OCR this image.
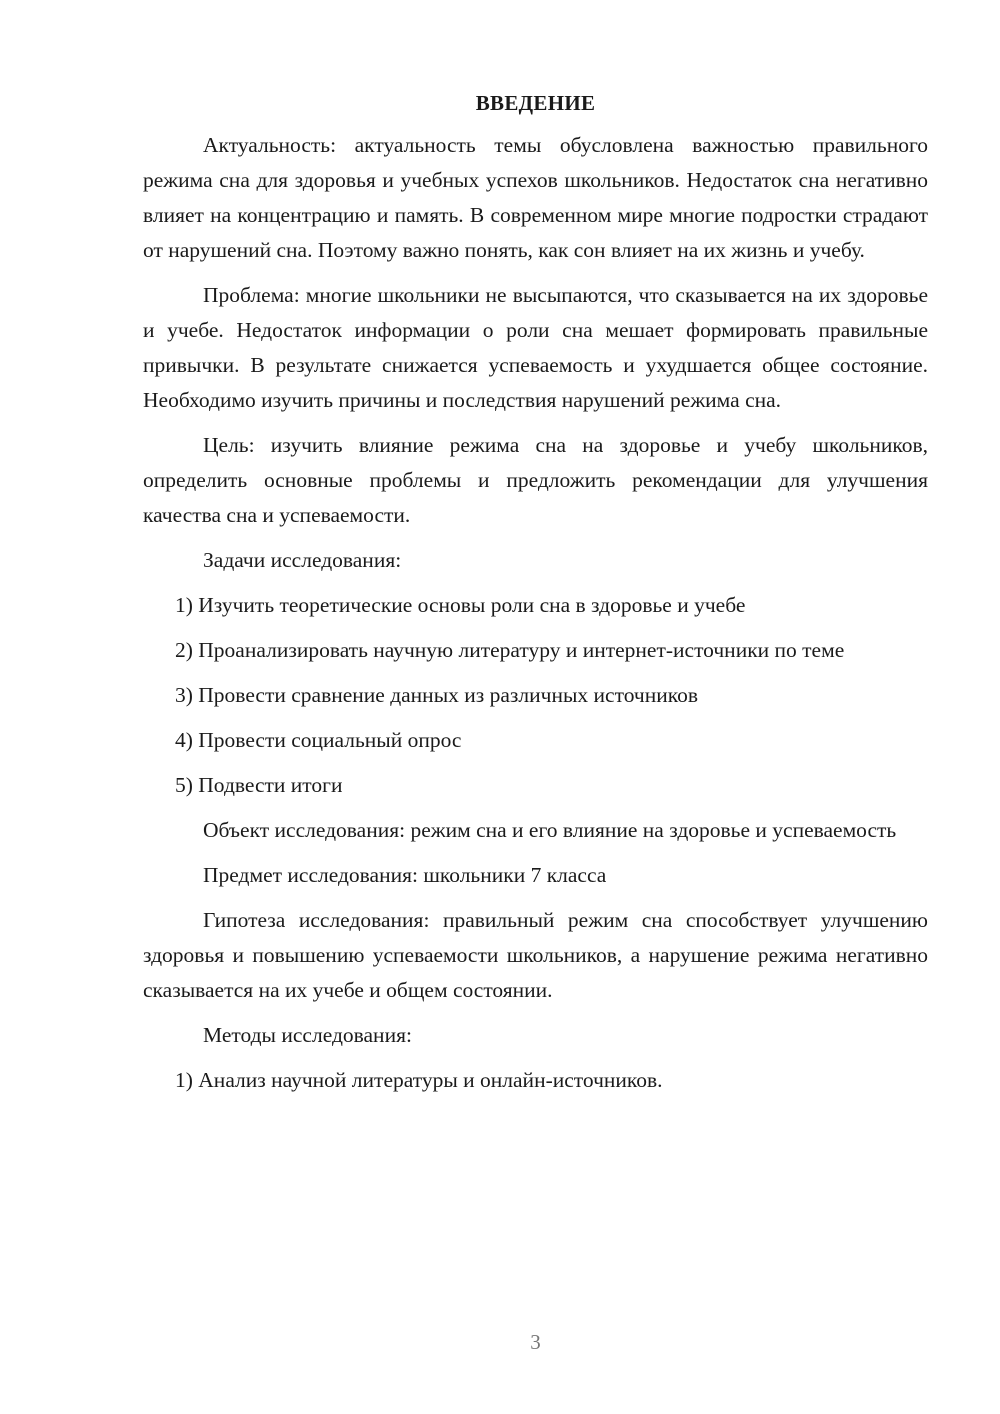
ВВЕДЕНИЕ

Актуальность: актуальность темы обусловлена важностью правильного режима сна для здоровья и учебных успехов школьников. Недостаток сна негативно влияет на концентрацию и память. В современном мире многие подростки страдают от нарушений сна. Поэтому важно понять, как сон влияет на их жизнь и учебу.

Проблема: многие школьники не высыпаются, что сказывается на их здоровье и учебе. Недостаток информации о роли сна мешает формировать правильные привычки. В результате снижается успеваемость и ухудшается общее состояние. Необходимо изучить причины и последствия нарушений режима сна.

Цель: изучить влияние режима сна на здоровье и учебу школьников, определить основные проблемы и предложить рекомендации для улучшения качества сна и успеваемости.

Задачи исследования:

1) Изучить теоретические основы роли сна в здоровье и учебе

2) Проанализировать научную литературу и интернет-источники по теме

3) Провести сравнение данных из различных источников

4) Провести социальный опрос

5) Подвести итоги

Объект исследования: режим сна и его влияние на здоровье и успеваемость

Предмет исследования: школьники 7 класса

Гипотеза исследования: правильный режим сна способствует улучшению здоровья и повышению успеваемости школьников, а нарушение режима негативно сказывается на их учебе и общем состоянии.

Методы исследования:

1) Анализ научной литературы и онлайн-источников.

3
